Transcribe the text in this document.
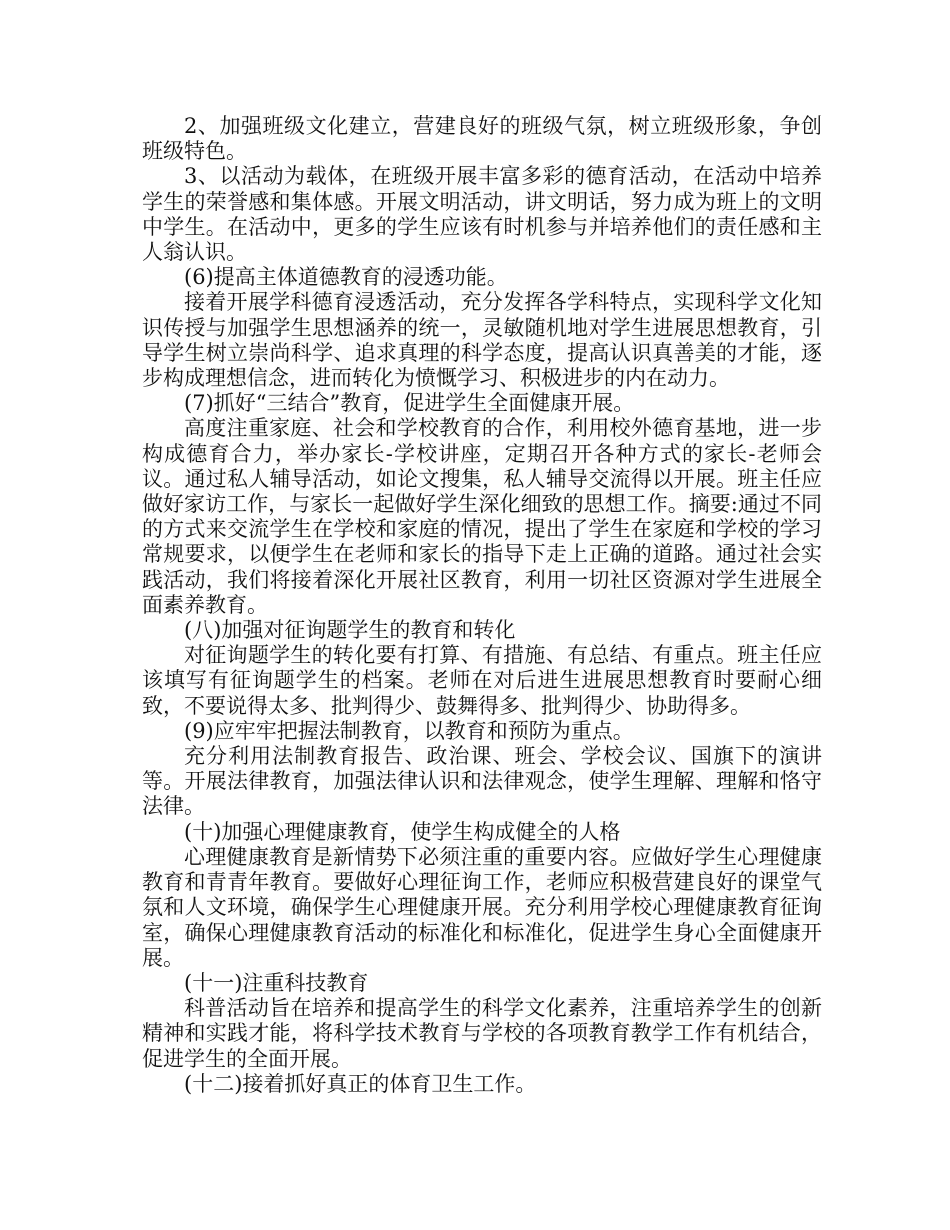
2、加强班级文化建立，营建良好的班级气氛，树立班级形象，争创班级特色。

3、以活动为载体，在班级开展丰富多彩的德育活动，在活动中培养学生的荣誉感和集体感。开展文明活动，讲文明话，努力成为班上的文明中学生。在活动中，更多的学生应该有时机参与并培养他们的责任感和主人翁认识。

(6)提高主体道德教育的浸透功能。

接着开展学科德育浸透活动，充分发挥各学科特点，实现科学文化知识传授与加强学生思想涵养的统一，灵敏随机地对学生进展思想教育，引导学生树立崇尚科学、追求真理的科学态度，提高认识真善美的才能，逐步构成理想信念，进而转化为愤慨学习、积极进步的内在动力。

(7)抓好“三结合”教育，促进学生全面健康开展。

高度注重家庭、社会和学校教育的合作，利用校外德育基地，进一步构成德育合力，举办家长-学校讲座，定期召开各种方式的家长-老师会议。通过私人辅导活动，如论文搜集，私人辅导交流得以开展。班主任应做好家访工作，与家长一起做好学生深化细致的思想工作。摘要:通过不同的方式来交流学生在学校和家庭的情况，提出了学生在家庭和学校的学习常规要求，以便学生在老师和家长的指导下走上正确的道路。通过社会实践活动，我们将接着深化开展社区教育，利用一切社区资源对学生进展全面素养教育。

(八)加强对征询题学生的教育和转化

对征询题学生的转化要有打算、有措施、有总结、有重点。班主任应该填写有征询题学生的档案。老师在对后进生进展思想教育时要耐心细致，不要说得太多、批判得少、鼓舞得多、批判得少、协助得多。

(9)应牢牢把握法制教育，以教育和预防为重点。

充分利用法制教育报告、政治课、班会、学校会议、国旗下的演讲等。开展法律教育，加强法律认识和法律观念，使学生理解、理解和恪守法律。

(十)加强心理健康教育，使学生构成健全的人格

心理健康教育是新情势下必须注重的重要内容。应做好学生心理健康教育和青青年教育。要做好心理征询工作，老师应积极营建良好的课堂气氛和人文环境，确保学生心理健康开展。充分利用学校心理健康教育征询室，确保心理健康教育活动的标准化和标准化，促进学生身心全面健康开展。

(十一)注重科技教育

科普活动旨在培养和提高学生的科学文化素养，注重培养学生的创新精神和实践才能，将科学技术教育与学校的各项教育教学工作有机结合，促进学生的全面开展。

(十二)接着抓好真正的体育卫生工作。
